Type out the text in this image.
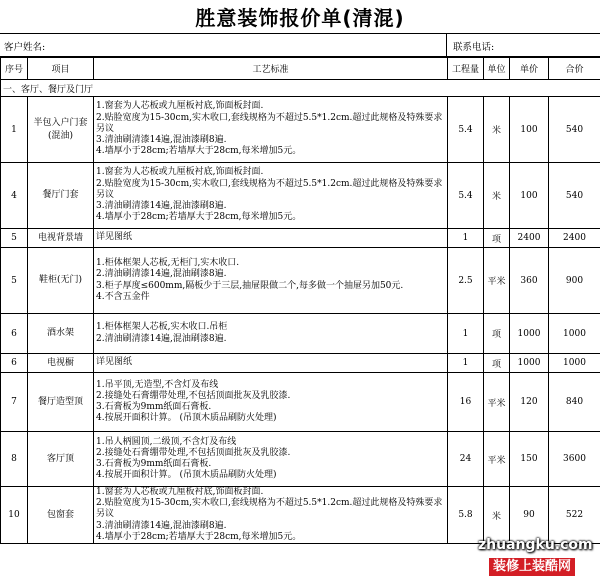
胜意装饰报价单(清混)
客户姓名:	联系电话:
序号	项目	工艺标准	工程量	单位	单价	合价
一、客厅、餐厅及门厅						
1	半包入户门套(混油)	1.窗套为人芯板或九厘板衬底,饰面板封面.
2.贴脸宽度为15-30cm,实木收口,套线规格为不超过5.5*1.2cm.超过此规格及特殊要求另议
3.清油刷清漆14遍,混油漆刷8遍.
4.墙厚小于28cm;若墙厚大于28cm,每米增加5元。	5.4	米	100	540
4	餐厅门套	1.窗套为人芯板或九厘板衬底,饰面板封面.
2.贴脸宽度为15-30cm,实木收口,套线规格为不超过5.5*1.2cm.超过此规格及特殊要求另议
3.清油刷清漆14遍,混油漆刷8遍.
4.墙厚小于28cm;若墙厚大于28cm,每米增加5元。	5.4	米	100	540
5	电视背景墙	详见图纸	1	项	2400	2400
5	鞋柜(无门)	1.柜体框架人芯板,无柜门,实木收口.
2.清油刷清漆14遍,混油刷漆8遍.
3.柜子厚度≤600mm,隔板少于三层,抽屉限做二个,每多做一个抽屉另加50元.
4.不含五金件	2.5	平米	360	900
6	酒水架	1.柜体框架人芯板,实木收口.吊柜
2.清油刷清漆14遍,混油刷漆8遍.	1	项	1000	1000
6	电视橱	详见图纸	1	项	1000	1000
7	餐厅造型顶	1.吊平顶,无造型,不含灯及布线
2.接缝处石膏绷带处理,不包括顶面批灰及乳胶漆.
3.石膏板为9mm纸面石膏板.
4.按展开面积计算。 (吊顶木质品刷防火处理)	16	平米	120	840
8	客厅顶	1.吊人柄圆顶,二级顶,不含灯及布线
2.接缝处石膏绷带处理,不包括顶面批灰及乳胶漆.
3.石膏板为9mm纸面石膏板.
4.按展开面积计算。 (吊顶木质品刷防火处理)	24	平米	150	3600
10	包窗套	1.窗套为人芯板或九厘板衬底,饰面板封面.
2.贴脸宽度为15-30cm,实木收口,套线规格为不超过5.5*1.2cm.超过此规格及特殊要求另议
3.清油刷清漆14遍,混油漆刷8遍.
4.墙厚小于28cm;若墙厚大于28cm,每米增加5元。	5.8	米	90	522
zhuangku.com
装修上装酷网
